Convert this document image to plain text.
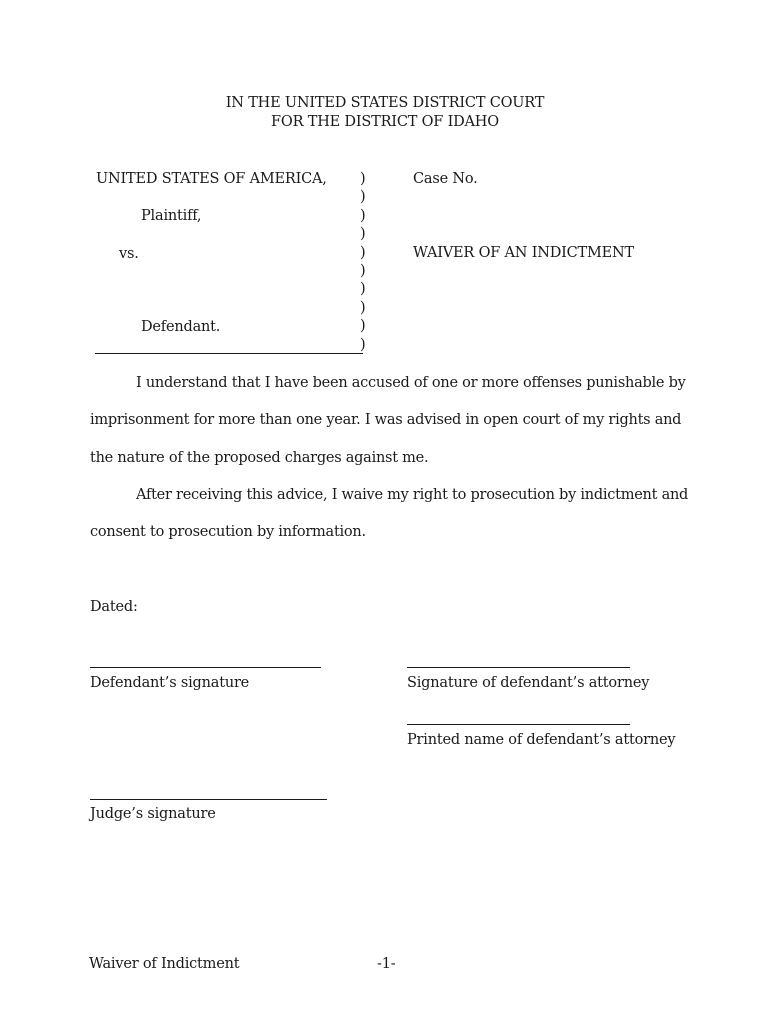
IN THE UNITED STATES DISTRICT COURT
FOR THE DISTRICT OF IDAHO
UNITED STATES OF AMERICA,
Plaintiff,
vs.
Defendant.
)
)
)
)
)
)
)
)
)
)
Case No.
WAIVER OF AN INDICTMENT
I understand that I have been accused of one or more offenses punishable by
imprisonment for more than one year. I was advised in open court of my rights and
the nature of the proposed charges against me.
After receiving this advice, I waive my right to prosecution by indictment and
consent to prosecution by information.
Dated:
Defendant’s signature	Signature of defendant’s attorney
Printed name of defendant’s attorney
Judge’s signature
Waiver of Indictment	-1-
